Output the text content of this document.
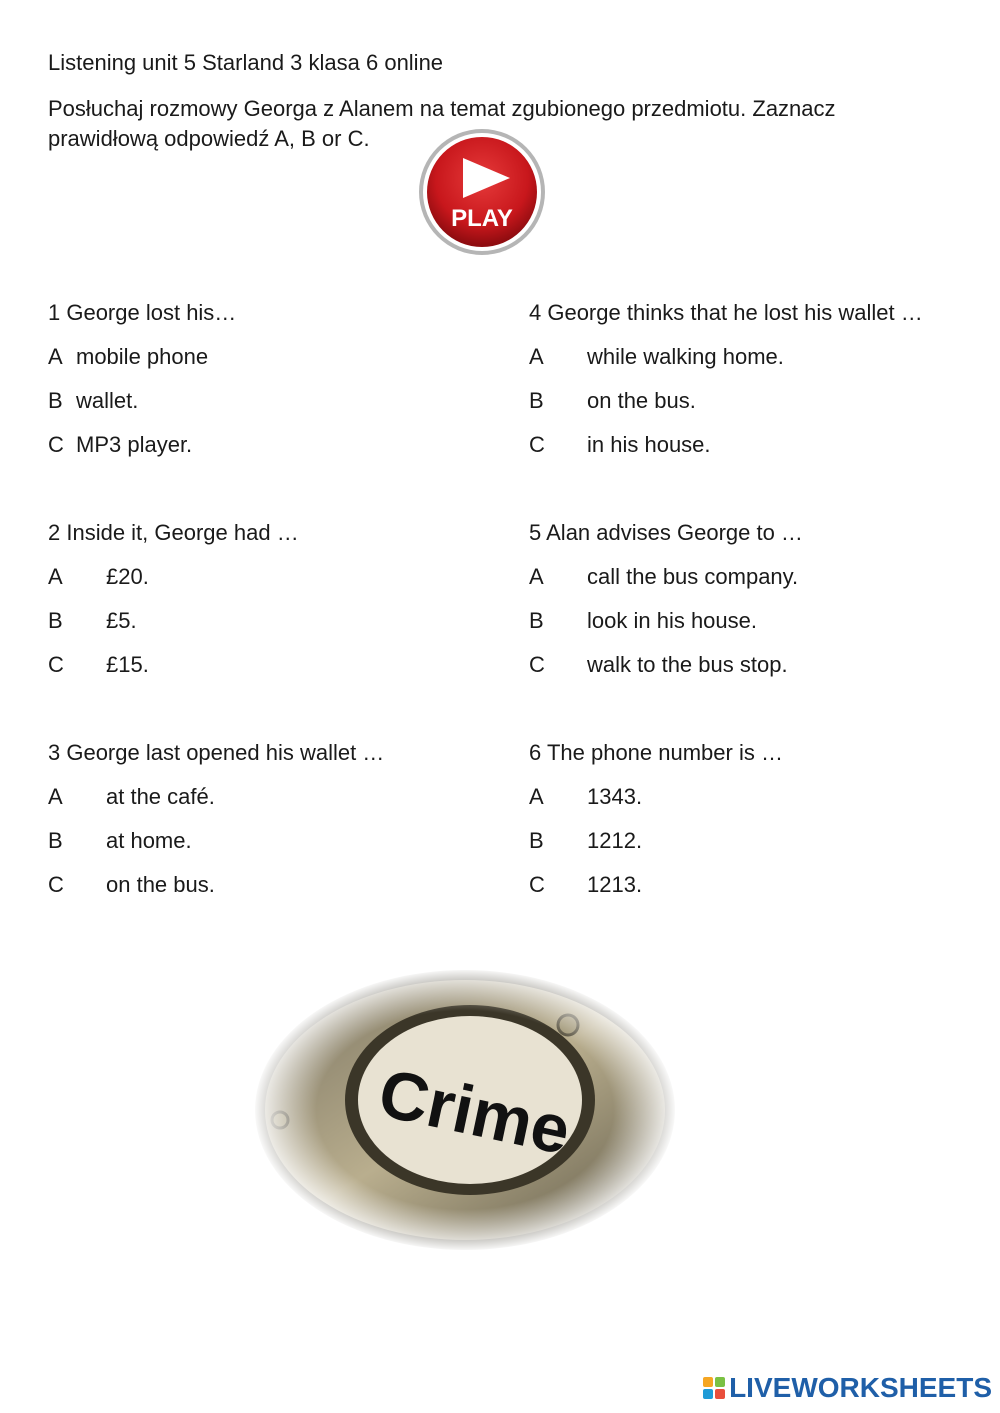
Listening unit 5 Starland 3 klasa 6 online
Posłuchaj rozmowy Georga z Alanem na temat zgubionego przedmiotu. Zaznacz prawidłową odpowiedź A, B or C.
PLAY
1 George lost his…
A mobile phone
B wallet.
C MP3 player.
2 Inside it, George had …
A £20.
B £5.
C £15.
3 George last opened his wallet …
A at the café.
B at home.
C on the bus.
4 George thinks that he lost his wallet …
A while walking home.
B on the bus.
C in his house.
5 Alan advises George to …
A call the bus company.
B look in his house.
C walk to the bus stop.
6 The phone number is …
A 1343.
B 1212.
C 1213.
LIVEWORKSHEETS
